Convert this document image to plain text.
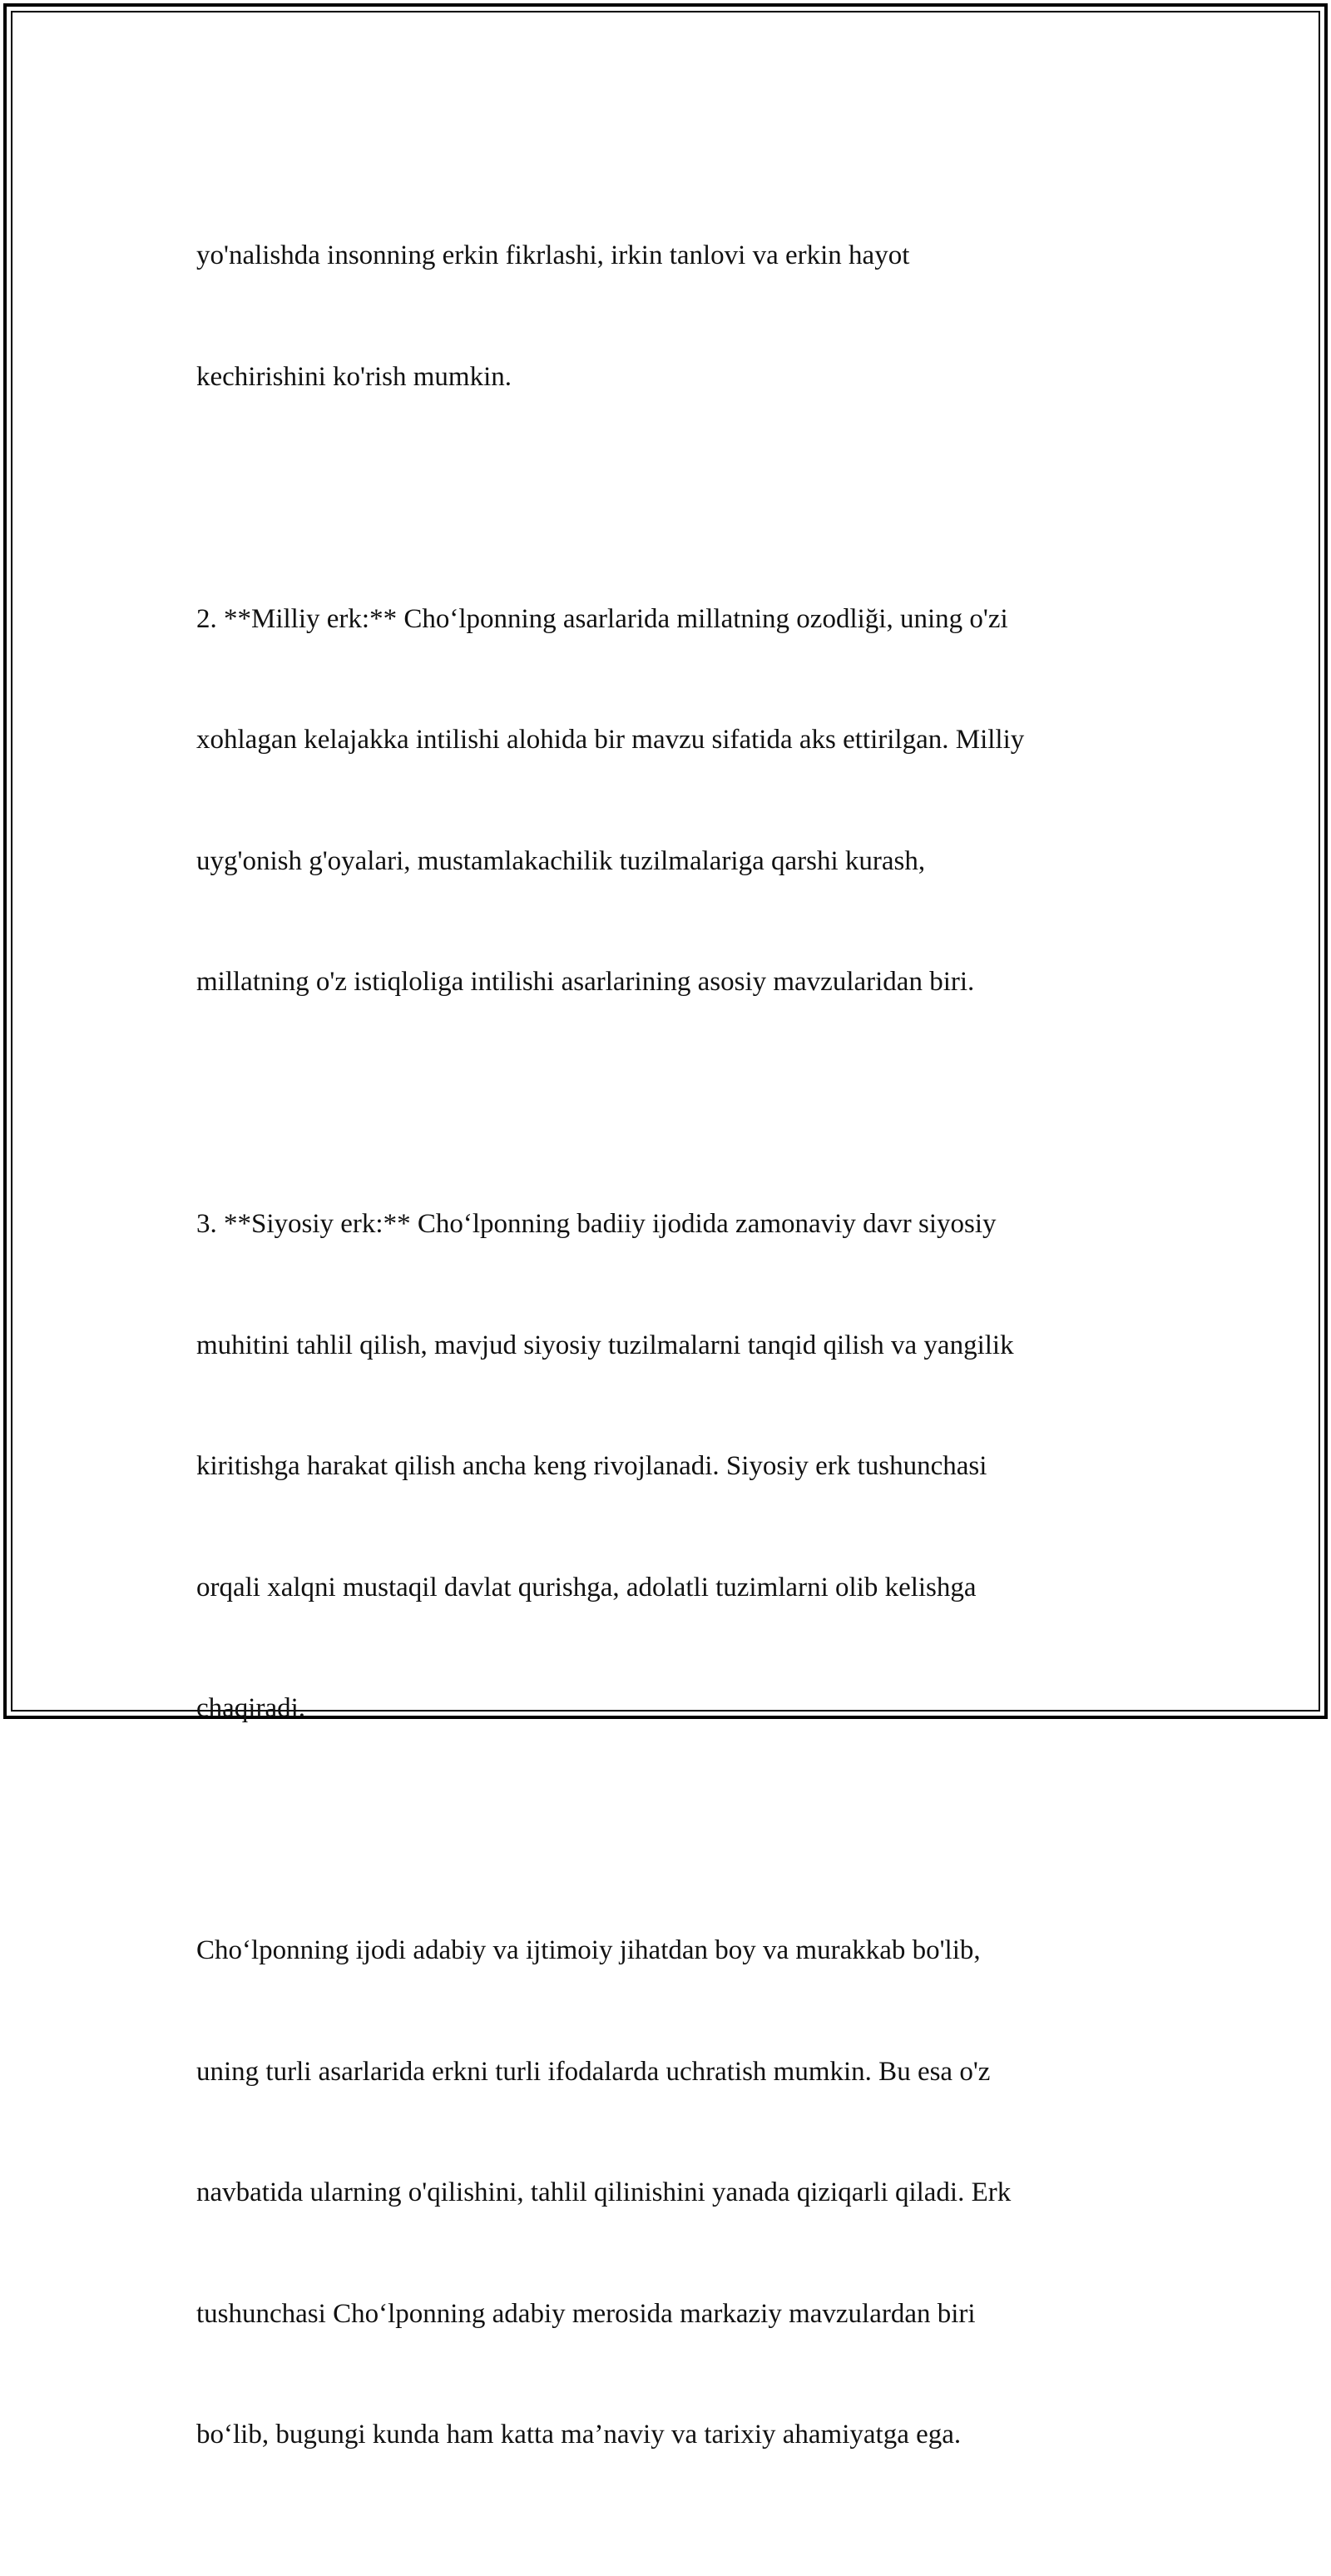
yo'nalishda insonning erkin fikrlashi, irkin tanlovi va erkin hayot

kechirishini ko'rish mumkin.

2. **Milliy erk:** Cho‘lponning asarlarida millatning ozodliği, uning o'zi

xohlagan kelajakka intilishi alohida bir mavzu sifatida aks ettirilgan. Milliy

uyg'onish g'oyalari, mustamlakachilik tuzilmalariga qarshi kurash,

millatning o'z istiqloliga intilishi asarlarining asosiy mavzularidan biri.

3. **Siyosiy erk:** Cho‘lponning badiiy ijodida zamonaviy davr siyosiy

muhitini tahlil qilish, mavjud siyosiy tuzilmalarni tanqid qilish va yangilik

kiritishga harakat qilish ancha keng rivojlanadi. Siyosiy erk tushunchasi

orqali xalqni mustaqil davlat qurishga, adolatli tuzimlarni olib kelishga

chaqiradi.

Cho‘lponning ijodi adabiy va ijtimoiy jihatdan boy va murakkab bo'lib,

uning turli asarlarida erkni turli ifodalarda uchratish mumkin. Bu esa o'z

navbatida ularning o'qilishini, tahlil qilinishini yanada qiziqarli qiladi. Erk

tushunchasi Cho‘lponning adabiy merosida markaziy mavzulardan biri

bo‘lib, bugungi kunda ham katta ma’naviy va tarixiy ahamiyatga ega.
